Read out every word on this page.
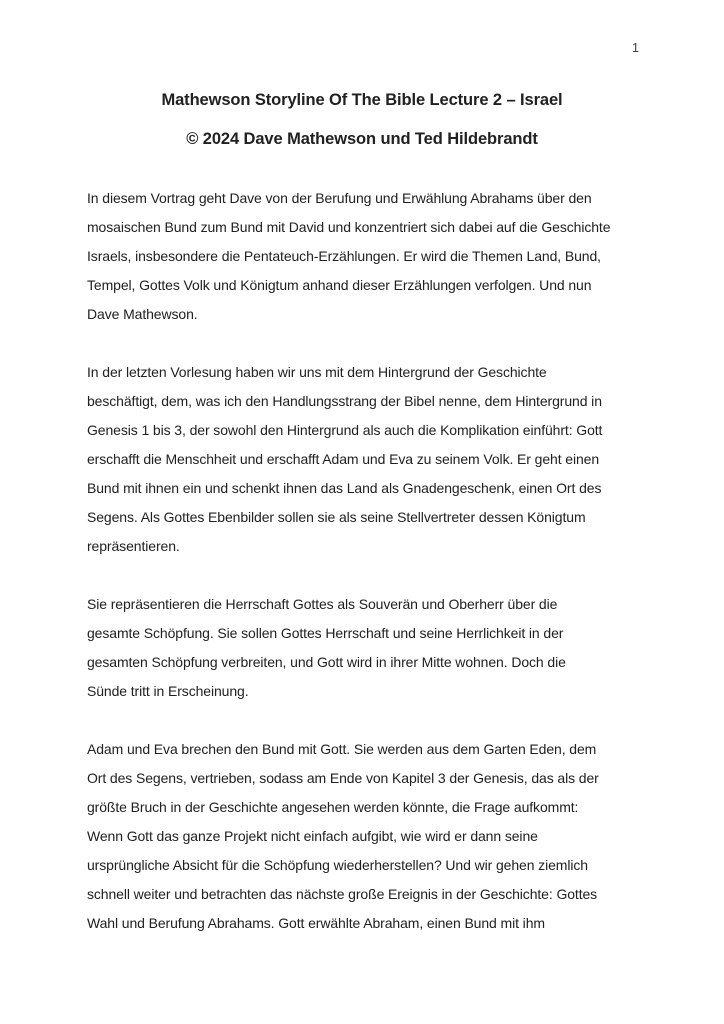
1
Mathewson Storyline Of The Bible Lecture 2 – Israel
© 2024 Dave Mathewson und Ted Hildebrandt
In diesem Vortrag geht Dave von der Berufung und Erwählung Abrahams über den
mosaischen Bund zum Bund mit David und konzentriert sich dabei auf die Geschichte
Israels, insbesondere die Pentateuch-Erzählungen. Er wird die Themen Land, Bund,
Tempel, Gottes Volk und Königtum anhand dieser Erzählungen verfolgen. Und nun
Dave Mathewson.
In der letzten Vorlesung haben wir uns mit dem Hintergrund der Geschichte
beschäftigt, dem, was ich den Handlungsstrang der Bibel nenne, dem Hintergrund in
Genesis 1 bis 3, der sowohl den Hintergrund als auch die Komplikation einführt: Gott
erschafft die Menschheit und erschafft Adam und Eva zu seinem Volk. Er geht einen
Bund mit ihnen ein und schenkt ihnen das Land als Gnadengeschenk, einen Ort des
Segens. Als Gottes Ebenbilder sollen sie als seine Stellvertreter dessen Königtum
repräsentieren.
Sie repräsentieren die Herrschaft Gottes als Souverän und Oberherr über die
gesamte Schöpfung. Sie sollen Gottes Herrschaft und seine Herrlichkeit in der
gesamten Schöpfung verbreiten, und Gott wird in ihrer Mitte wohnen. Doch die
Sünde tritt in Erscheinung.
Adam und Eva brechen den Bund mit Gott. Sie werden aus dem Garten Eden, dem
Ort des Segens, vertrieben, sodass am Ende von Kapitel 3 der Genesis, das als der
größte Bruch in der Geschichte angesehen werden könnte, die Frage aufkommt:
Wenn Gott das ganze Projekt nicht einfach aufgibt, wie wird er dann seine
ursprüngliche Absicht für die Schöpfung wiederherstellen? Und wir gehen ziemlich
schnell weiter und betrachten das nächste große Ereignis in der Geschichte: Gottes
Wahl und Berufung Abrahams. Gott erwählte Abraham, einen Bund mit ihm
